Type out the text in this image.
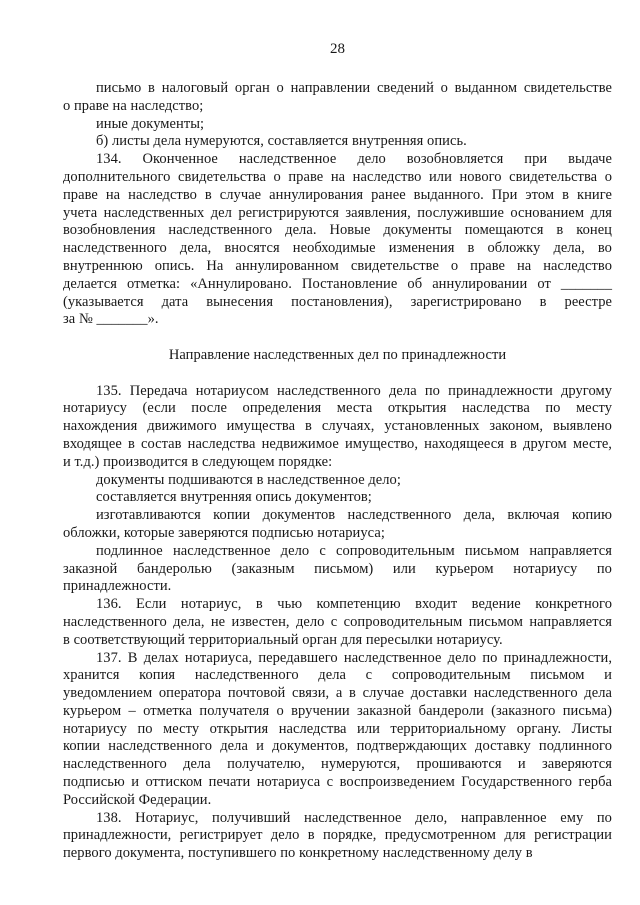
28
письмо в налоговый орган о направлении сведений о выданном свидетельстве
о праве на наследство;
иные документы;
б) листы дела нумеруются, составляется внутренняя опись.
134. Оконченное наследственное дело возобновляется при выдаче
дополнительного свидетельства о праве на наследство или нового свидетельства о
праве на наследство в случае аннулирования ранее выданного. При этом в книге
учета наследственных дел регистрируются заявления, послужившие основанием для
возобновления наследственного дела. Новые документы помещаются в конец
наследственного дела, вносятся необходимые изменения в обложку дела, во
внутреннюю опись. На аннулированном свидетельстве о праве на наследство
делается отметка: «Аннулировано. Постановление об аннулировании от _______
(указывается дата вынесения постановления), зарегистрировано в реестре
за № _______».
Направление наследственных дел по принадлежности
135. Передача нотариусом наследственного дела по принадлежности другому
нотариусу (если после определения места открытия наследства по месту
нахождения движимого имущества в случаях, установленных законом, выявлено
входящее в состав наследства недвижимое имущество, находящееся в другом месте,
и т.д.) производится в следующем порядке:
документы подшиваются в наследственное дело;
составляется внутренняя опись документов;
изготавливаются копии документов наследственного дела, включая копию
обложки, которые заверяются подписью нотариуса;
подлинное наследственное дело с сопроводительным письмом направляется
заказной бандеролью (заказным письмом) или курьером нотариусу по
принадлежности.
136. Если нотариус, в чью компетенцию входит ведение конкретного
наследственного дела, не известен, дело с сопроводительным письмом направляется
в соответствующий территориальный орган для пересылки нотариусу.
137. В делах нотариуса, передавшего наследственное дело по принадлежности,
хранится копия наследственного дела с сопроводительным письмом и
уведомлением оператора почтовой связи, а в случае доставки наследственного дела
курьером – отметка получателя о вручении заказной бандероли (заказного письма)
нотариусу по месту открытия наследства или территориальному органу. Листы
копии наследственного дела и документов, подтверждающих доставку подлинного
наследственного дела получателю, нумеруются, прошиваются и заверяются
подписью и оттиском печати нотариуса с воспроизведением Государственного герба
Российской Федерации.
138. Нотариус, получивший наследственное дело, направленное ему по
принадлежности, регистрирует дело в порядке, предусмотренном для регистрации
первого документа, поступившего по конкретному наследственному делу в
